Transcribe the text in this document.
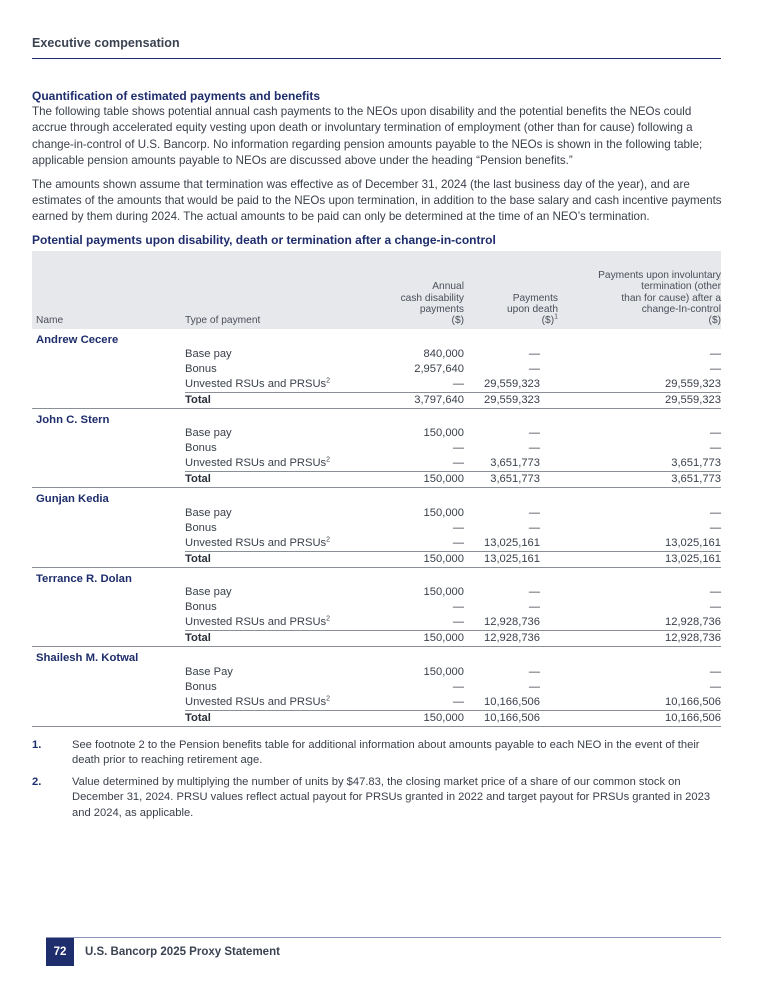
Executive compensation
Quantification of estimated payments and benefits

The following table shows potential annual cash payments to the NEOs upon disability and the potential benefits the NEOs could accrue through accelerated equity vesting upon death or involuntary termination of employment (other than for cause) following a change-in-control of U.S. Bancorp. No information regarding pension amounts payable to the NEOs is shown in the following table; applicable pension amounts payable to NEOs are discussed above under the heading “Pension benefits.”

The amounts shown assume that termination was effective as of December 31, 2024 (the last business day of the year), and are estimates of the amounts that would be paid to the NEOs upon termination, in addition to the base salary and cash incentive payments earned by them during 2024. The actual amounts to be paid can only be determined at the time of an NEO’s termination.

Potential payments upon disability, death or termination after a change-in-control
Name	Type of payment	Annual
cash disability
payments
($)	Payments
upon death
($)$^1$	Payments upon involuntary
termination (other
than for cause) after a
change-In-control
($)
Andrew Cecere				
	Base pay	840,000	—	—
	Bonus	2,957,640	—	—
	Unvested RSUs and PRSUs$^2$	—	29,559,323	29,559,323
	Total	3,797,640	29,559,323	29,559,323
John C. Stern				
	Base pay	150,000	—	—
	Bonus	—	—	—
	Unvested RSUs and PRSUs$^2$	—	3,651,773	3,651,773
	Total	150,000	3,651,773	3,651,773
Gunjan Kedia				
	Base pay	150,000	—	—
	Bonus	—	—	—
	Unvested RSUs and PRSUs$^2$	—	13,025,161	13,025,161
	Total	150,000	13,025,161	13,025,161
Terrance R. Dolan				
	Base pay	150,000	—	—
	Bonus	—	—	—
	Unvested RSUs and PRSUs$^2$	—	12,928,736	12,928,736
	Total	150,000	12,928,736	12,928,736
Shailesh M. Kotwal				
	Base Pay	150,000	—	—
	Bonus	—	—	—
	Unvested RSUs and PRSUs$^2$	—	10,166,506	10,166,506
	Total	150,000	10,166,506	10,166,506
1.	See footnote 2 to the Pension benefits table for additional information about amounts payable to each NEO in the event of their death prior to reaching retirement age.
2.	Value determined by multiplying the number of units by $47.83, the closing market price of a share of our common stock on December 31, 2024. PRSU values reflect actual payout for PRSUs granted in 2022 and target payout for PRSUs granted in 2023 and 2024, as applicable.
72	U.S. Bancorp 2025 Proxy Statement
